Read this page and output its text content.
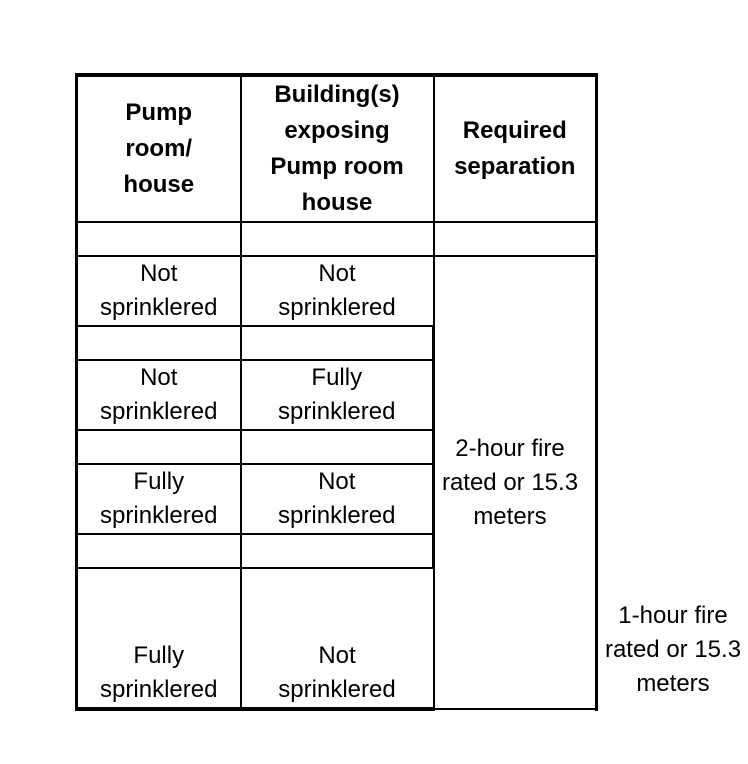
Pump room/ house	Building(s) exposing Pump room house	Required separation	

Not sprinklered	Not sprinklered	2-hour fire rated or 15.3 meters	

Not sprinklered	Fully sprinklered		

Fully sprinklered	Not sprinklered		

Fully sprinklered	Not sprinklered		1-hour fire rated or 15.3 meters
